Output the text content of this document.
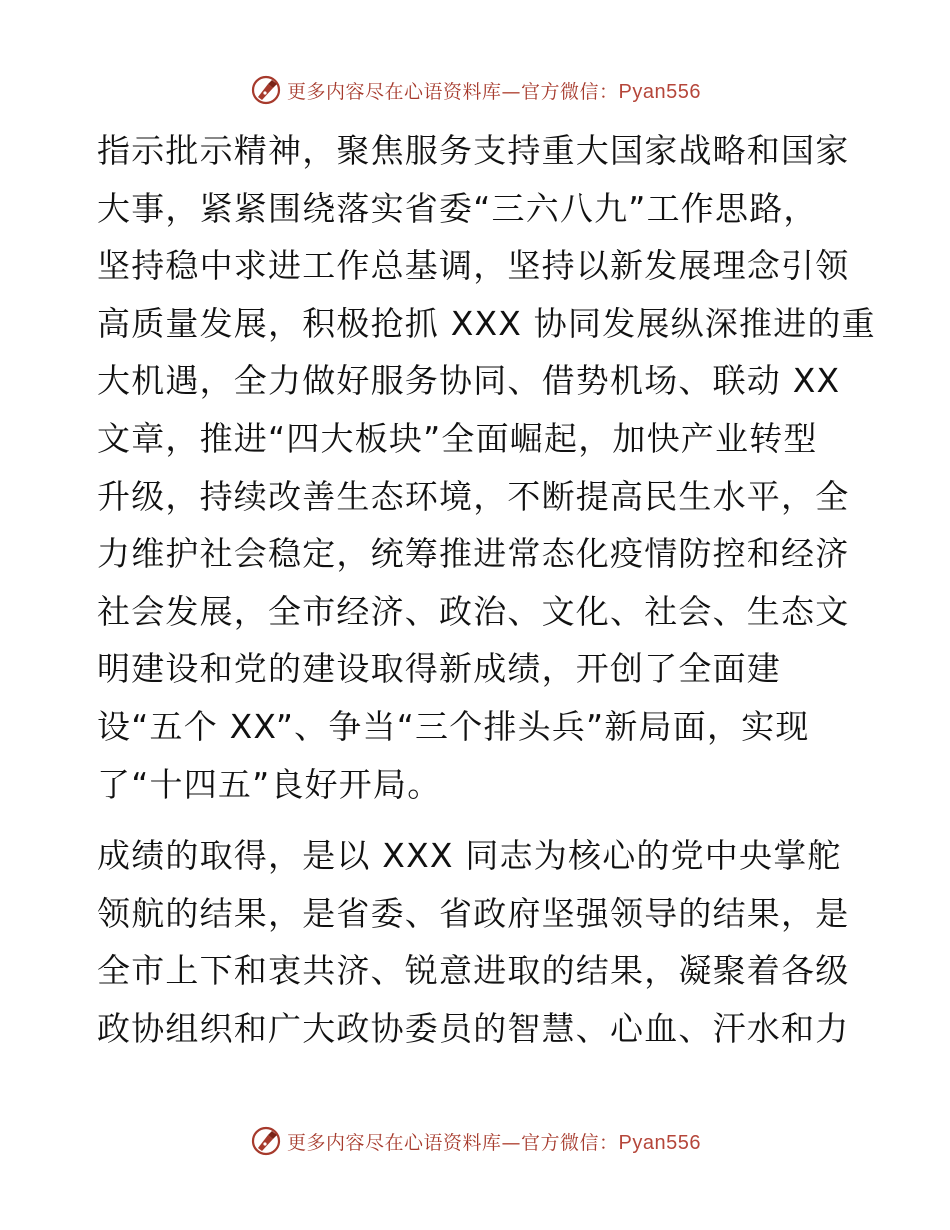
更多内容尽在心语资料库—官方微信：Pyan556

指示批示精神，聚焦服务支持重大国家战略和国家
大事，紧紧围绕落实省委“三六八九”工作思路，
坚持稳中求进工作总基调，坚持以新发展理念引领
高质量发展，积极抢抓 XXX 协同发展纵深推进的重
大机遇，全力做好服务协同、借势机场、联动 XX
文章，推进“四大板块”全面崛起，加快产业转型
升级，持续改善生态环境，不断提高民生水平，全
力维护社会稳定，统筹推进常态化疫情防控和经济
社会发展，全市经济、政治、文化、社会、生态文
明建设和党的建设取得新成绩，开创了全面建
设“五个 XX”、争当“三个排头兵”新局面，实现
了“十四五”良好开局。

成绩的取得，是以 XXX 同志为核心的党中央掌舵
领航的结果，是省委、省政府坚强领导的结果，是
全市上下和衷共济、锐意进取的结果，凝聚着各级
政协组织和广大政协委员的智慧、心血、汗水和力

更多内容尽在心语资料库—官方微信：Pyan556
